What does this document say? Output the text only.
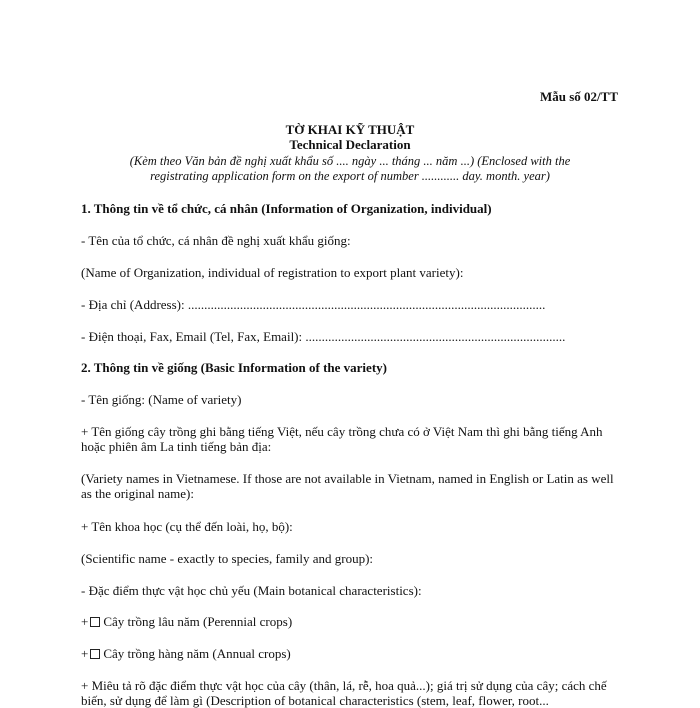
Mẫu số 02/TT
TỜ KHAI KỸ THUẬT
Technical Declaration
(Kèm theo Văn bản đề nghị xuất khẩu số .... ngày ... tháng ... năm ...) (Enclosed with the registrating application form on the export of number ............ day. month. year)
1. Thông tin về tổ chức, cá nhân (Information of Organization, individual)
- Tên của tổ chức, cá nhân đề nghị xuất khẩu giống:
(Name of Organization, individual of registration to export plant variety):
- Địa chỉ (Address): ..............................................................................................................
- Điện thoại, Fax, Email (Tel, Fax, Email): ................................................................................
2. Thông tin về giống (Basic Information of the variety)
- Tên giống: (Name of variety)
+ Tên giống cây trồng ghi bằng tiếng Việt, nếu cây trồng chưa có ở Việt Nam thì ghi bằng tiếng Anh hoặc phiên âm La tinh tiếng bản địa:
(Variety names in Vietnamese. If those are not available in Vietnam, named in English or Latin as well as the original name):
+ Tên khoa học (cụ thể đến loài, họ, bộ):
(Scientific name - exactly to species, family and group):
- Đặc điểm thực vật học chủ yếu (Main botanical characteristics):
+ Cây trồng lâu năm (Perennial crops)
+ Cây trồng hàng năm (Annual crops)
+ Miêu tả rõ đặc điểm thực vật học của cây (thân, lá, rễ, hoa quả...); giá trị sử dụng của cây; cách chế biến, sử dụng để làm gì (Description of botanical characteristics (stem, leaf, flower, root...
